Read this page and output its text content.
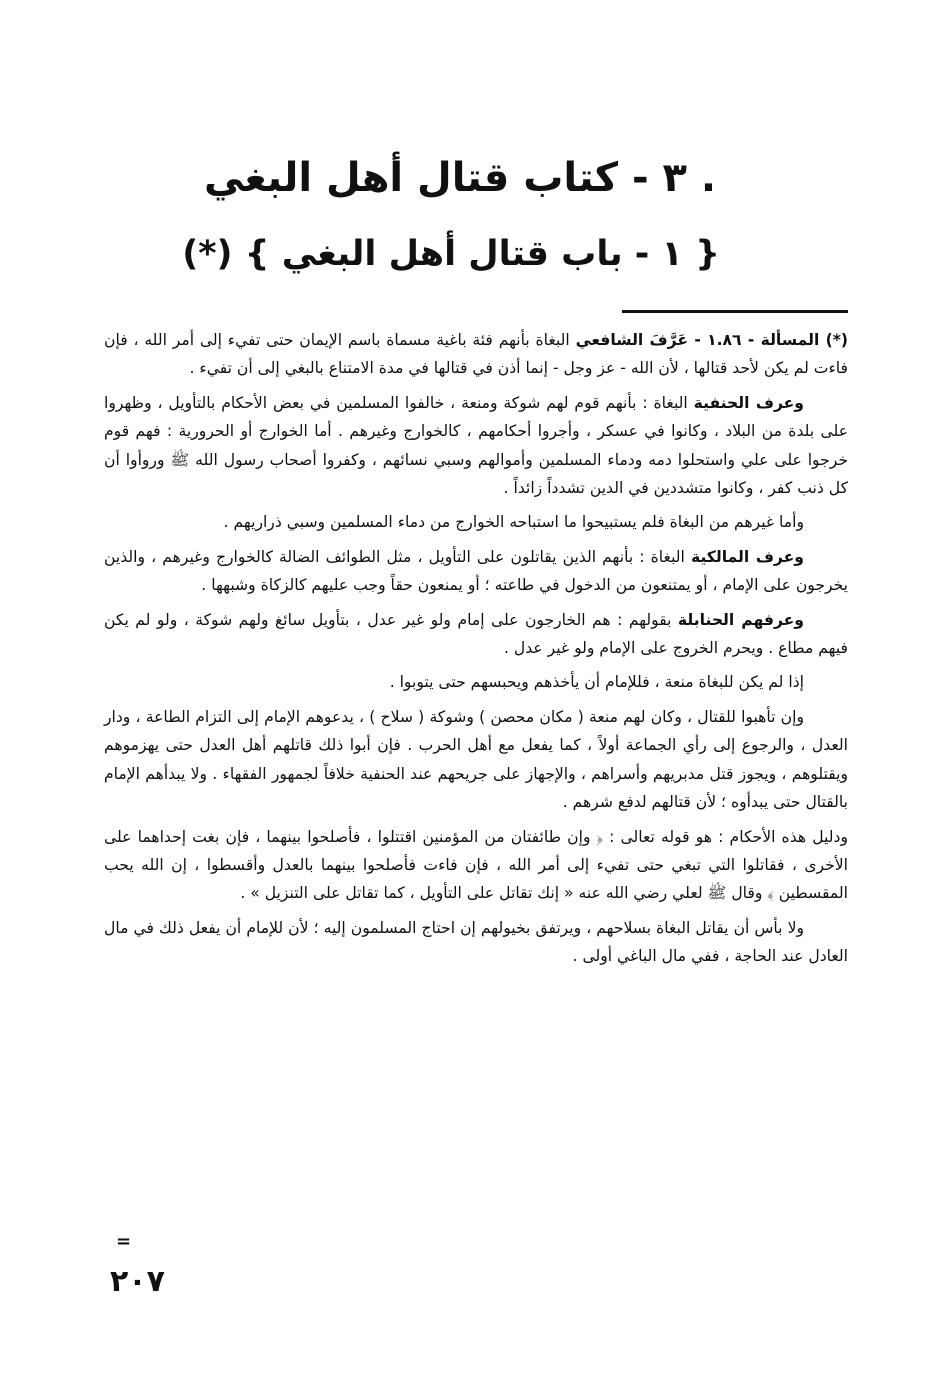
. ٣ - كتاب قتال أهل البغي
{ ١ - باب قتال أهل البغي } (*)

(*) المسألة - ١.٨٦ - عَرَّفَ الشافعي البغاة بأنهم فئة باغية مسماة باسم الإيمان حتى تفيء إلى أمر الله ، فإن فاءت لم يكن لأحد قتالها ، لأن الله - عز وجل - إنما أذن في قتالها في مدة الامتناع بالبغي إلى أن تفيء .

وعرف الحنفية البغاة : بأنهم قوم لهم شوكة ومنعة ، خالفوا المسلمين في بعض الأحكام بالتأويل ، وظهروا على بلدة من البلاد ، وكانوا في عسكر ، وأجروا أحكامهم ، كالخوارج وغيرهم . أما الخوارج أو الحرورية : فهم قوم خرجوا على علي واستحلوا دمه ودماء المسلمين وأموالهم وسبي نسائهم ، وكفروا أصحاب رسول الله ﷺ وروأوا أن كل ذنب كفر ، وكانوا متشددين في الدين تشدداً زائداً .

وأما غيرهم من البغاة فلم يستبيحوا ما استباحه الخوارج من دماء المسلمين وسبي ذراريهم .

وعرف المالكية البغاة : بأنهم الذين يقاتلون على التأويل ، مثل الطوائف الضالة كالخوارج وغيرهم ، والذين يخرجون على الإمام ، أو يمتنعون من الدخول في طاعته ؛ أو يمنعون حقاً وجب عليهم كالزكاة وشبهها .

وعرفهم الحنابلة بقولهم : هم الخارجون على إمام ولو غير عدل ، بتأويل سائغ ولهم شوكة ، ولو لم يكن فيهم مطاع . ويحرم الخروج على الإمام ولو غير عدل .

إذا لم يكن للبغاة منعة ، فللإمام أن يأخذهم ويحبسهم حتى يتوبوا .

وإن تأهبوا للقتال ، وكان لهم منعة ( مكان محصن ) وشوكة ( سلاح ) ، يدعوهم الإمام إلى التزام الطاعة ، ودار العدل ، والرجوع إلى رأي الجماعة أولاً ، كما يفعل مع أهل الحرب . فإن أبوا ذلك قاتلهم أهل العدل حتى يهزموهم ويقتلوهم ، ويجوز قتل مدبريهم وأسراهم ، والإجهاز على جريحهم عند الحنفية خلافاً لجمهور الفقهاء . ولا يبدأهم الإمام بالقتال حتى يبدأوه ؛ لأن قتالهم لدفع شرهم .

ودليل هذه الأحكام : هو قوله تعالى : ﴿ وإن طائفتان من المؤمنين اقتتلوا ، فأصلحوا بينهما ، فإن بغت إحداهما على الأخرى ، فقاتلوا التي تبغي حتى تفيء إلى أمر الله ، فإن فاءت فأصلحوا بينهما بالعدل وأقسطوا ، إن الله يحب المقسطين ﴾ وقال ﷺ لعلي رضي الله عنه « إنك تقاتل على التأويل ، كما تقاتل على التنزيل » .

ولا بأس أن يقاتل البغاة بسلاحهم ، ويرتفق بخيولهم إن احتاج المسلمون إليه ؛ لأن للإمام أن يفعل ذلك في مال العادل عند الحاجة ، ففي مال الباغي أولى .

=
٢٠٧
